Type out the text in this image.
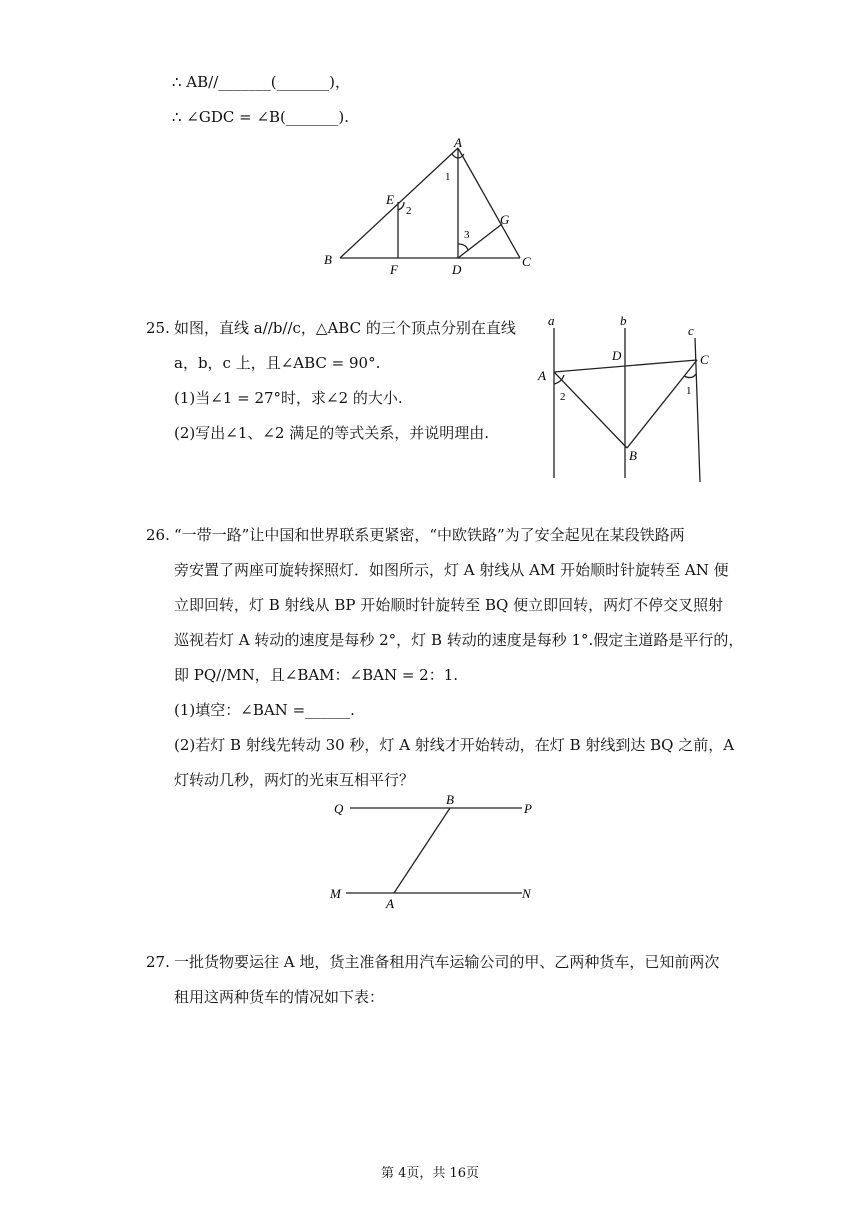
∴ AB//_______(_______)，
∴ ∠GDC = ∠B(_______).
A
B	C
D
E
F
G
1
2
3
25. 如图，直线 a//b//c，△ABC 的三个顶点分别在直线
a，b，c 上，且∠ABC = 90°.
(1)当∠1 = 27°时，求∠2 的大小.
(2)写出∠1、∠2 满足的等式关系，并说明理由.
a	b
c
A
B
C
D
1
2
26. “一带一路”让中国和世界联系更紧密，“中欧铁路”为了安全起见在某段铁路两
旁安置了两座可旋转探照灯．如图所示，灯 A 射线从 AM 开始顺时针旋转至 AN 便
立即回转，灯 B 射线从 BP 开始顺时针旋转至 BQ 便立即回转，两灯不停交叉照射
巡视若灯 A 转动的速度是每秒 2°，灯 B 转动的速度是每秒 1°.假定主道路是平行的，
即 PQ//MN，且∠BAM：∠BAN = 2：1.
(1)填空：∠BAN =______.
(2)若灯 B 射线先转动 30 秒，灯 A 射线才开始转动，在灯 B 射线到达 BQ 之前，A
灯转动几秒，两灯的光束互相平行？
Q
B
P
M
A
N
27. 一批货物要运往 A 地，货主准备租用汽车运输公司的甲、乙两种货车，已知前两次
租用这两种货车的情况如下表：
第 4页，共 16页
